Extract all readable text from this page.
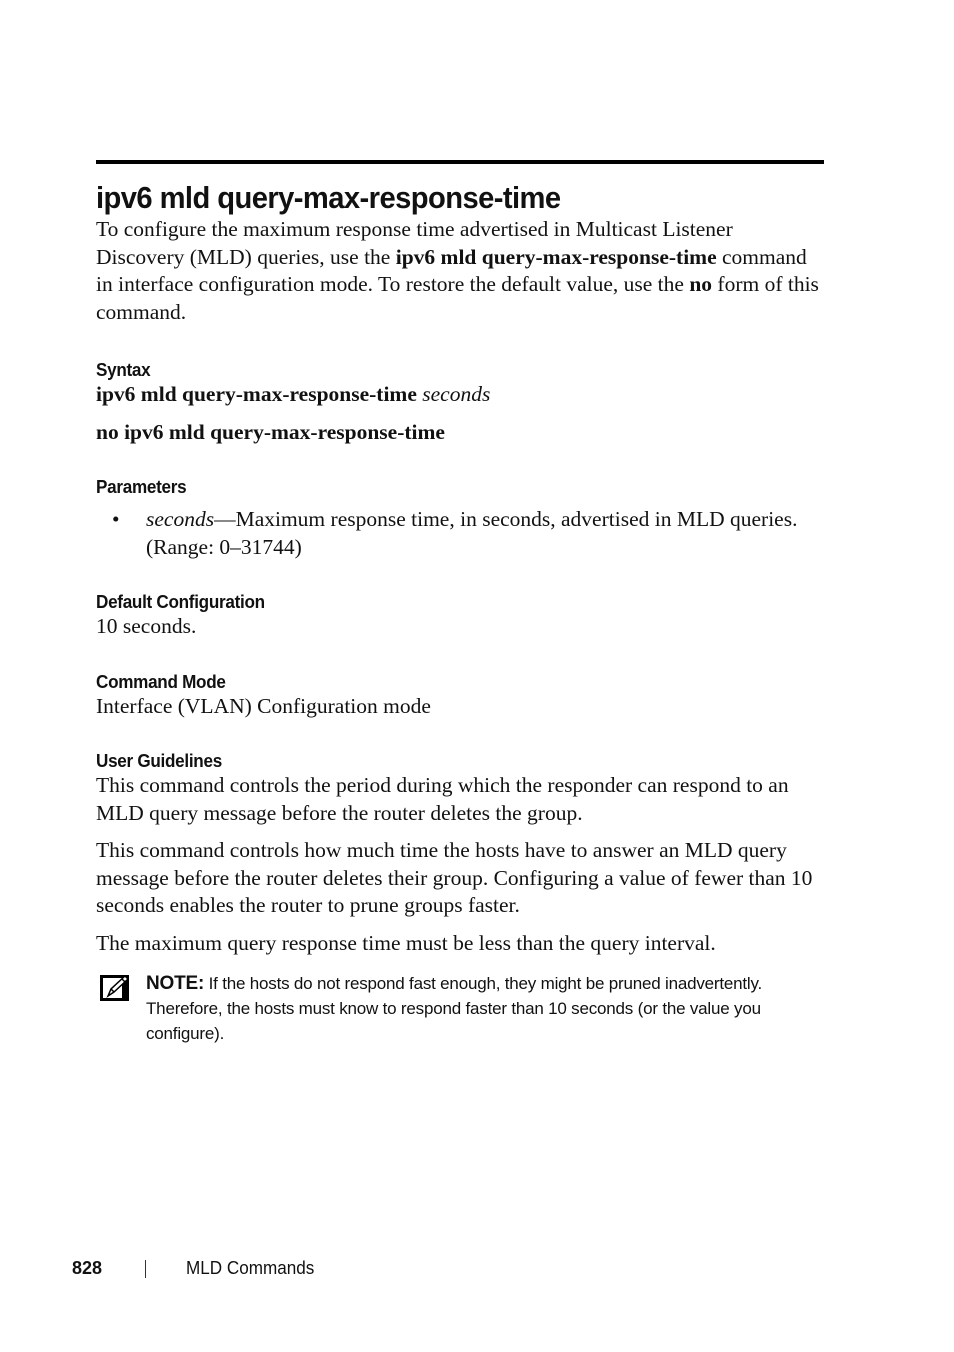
ipv6 mld query-max-response-time

To configure the maximum response time advertised in Multicast Listener Discovery (MLD) queries, use the ipv6 mld query-max-response-time command in interface configuration mode. To restore the default value, use the no form of this command.

Syntax

ipv6 mld query-max-response-time seconds

no ipv6 mld query-max-response-time

Parameters
• seconds—Maximum response time, in seconds, advertised in MLD queries. (Range: 0–31744)
Default Configuration

10 seconds.

Command Mode

Interface (VLAN) Configuration mode

User Guidelines

This command controls the period during which the responder can respond to an MLD query message before the router deletes the group.

This command controls how much time the hosts have to answer an MLD query message before the router deletes their group. Configuring a value of fewer than 10 seconds enables the router to prune groups faster.

The maximum query response time must be less than the query interval.

NOTE: If the hosts do not respond fast enough, they might be pruned inadvertently. Therefore, the hosts must know to respond faster than 10 seconds (or the value you configure).
828	MLD Commands
